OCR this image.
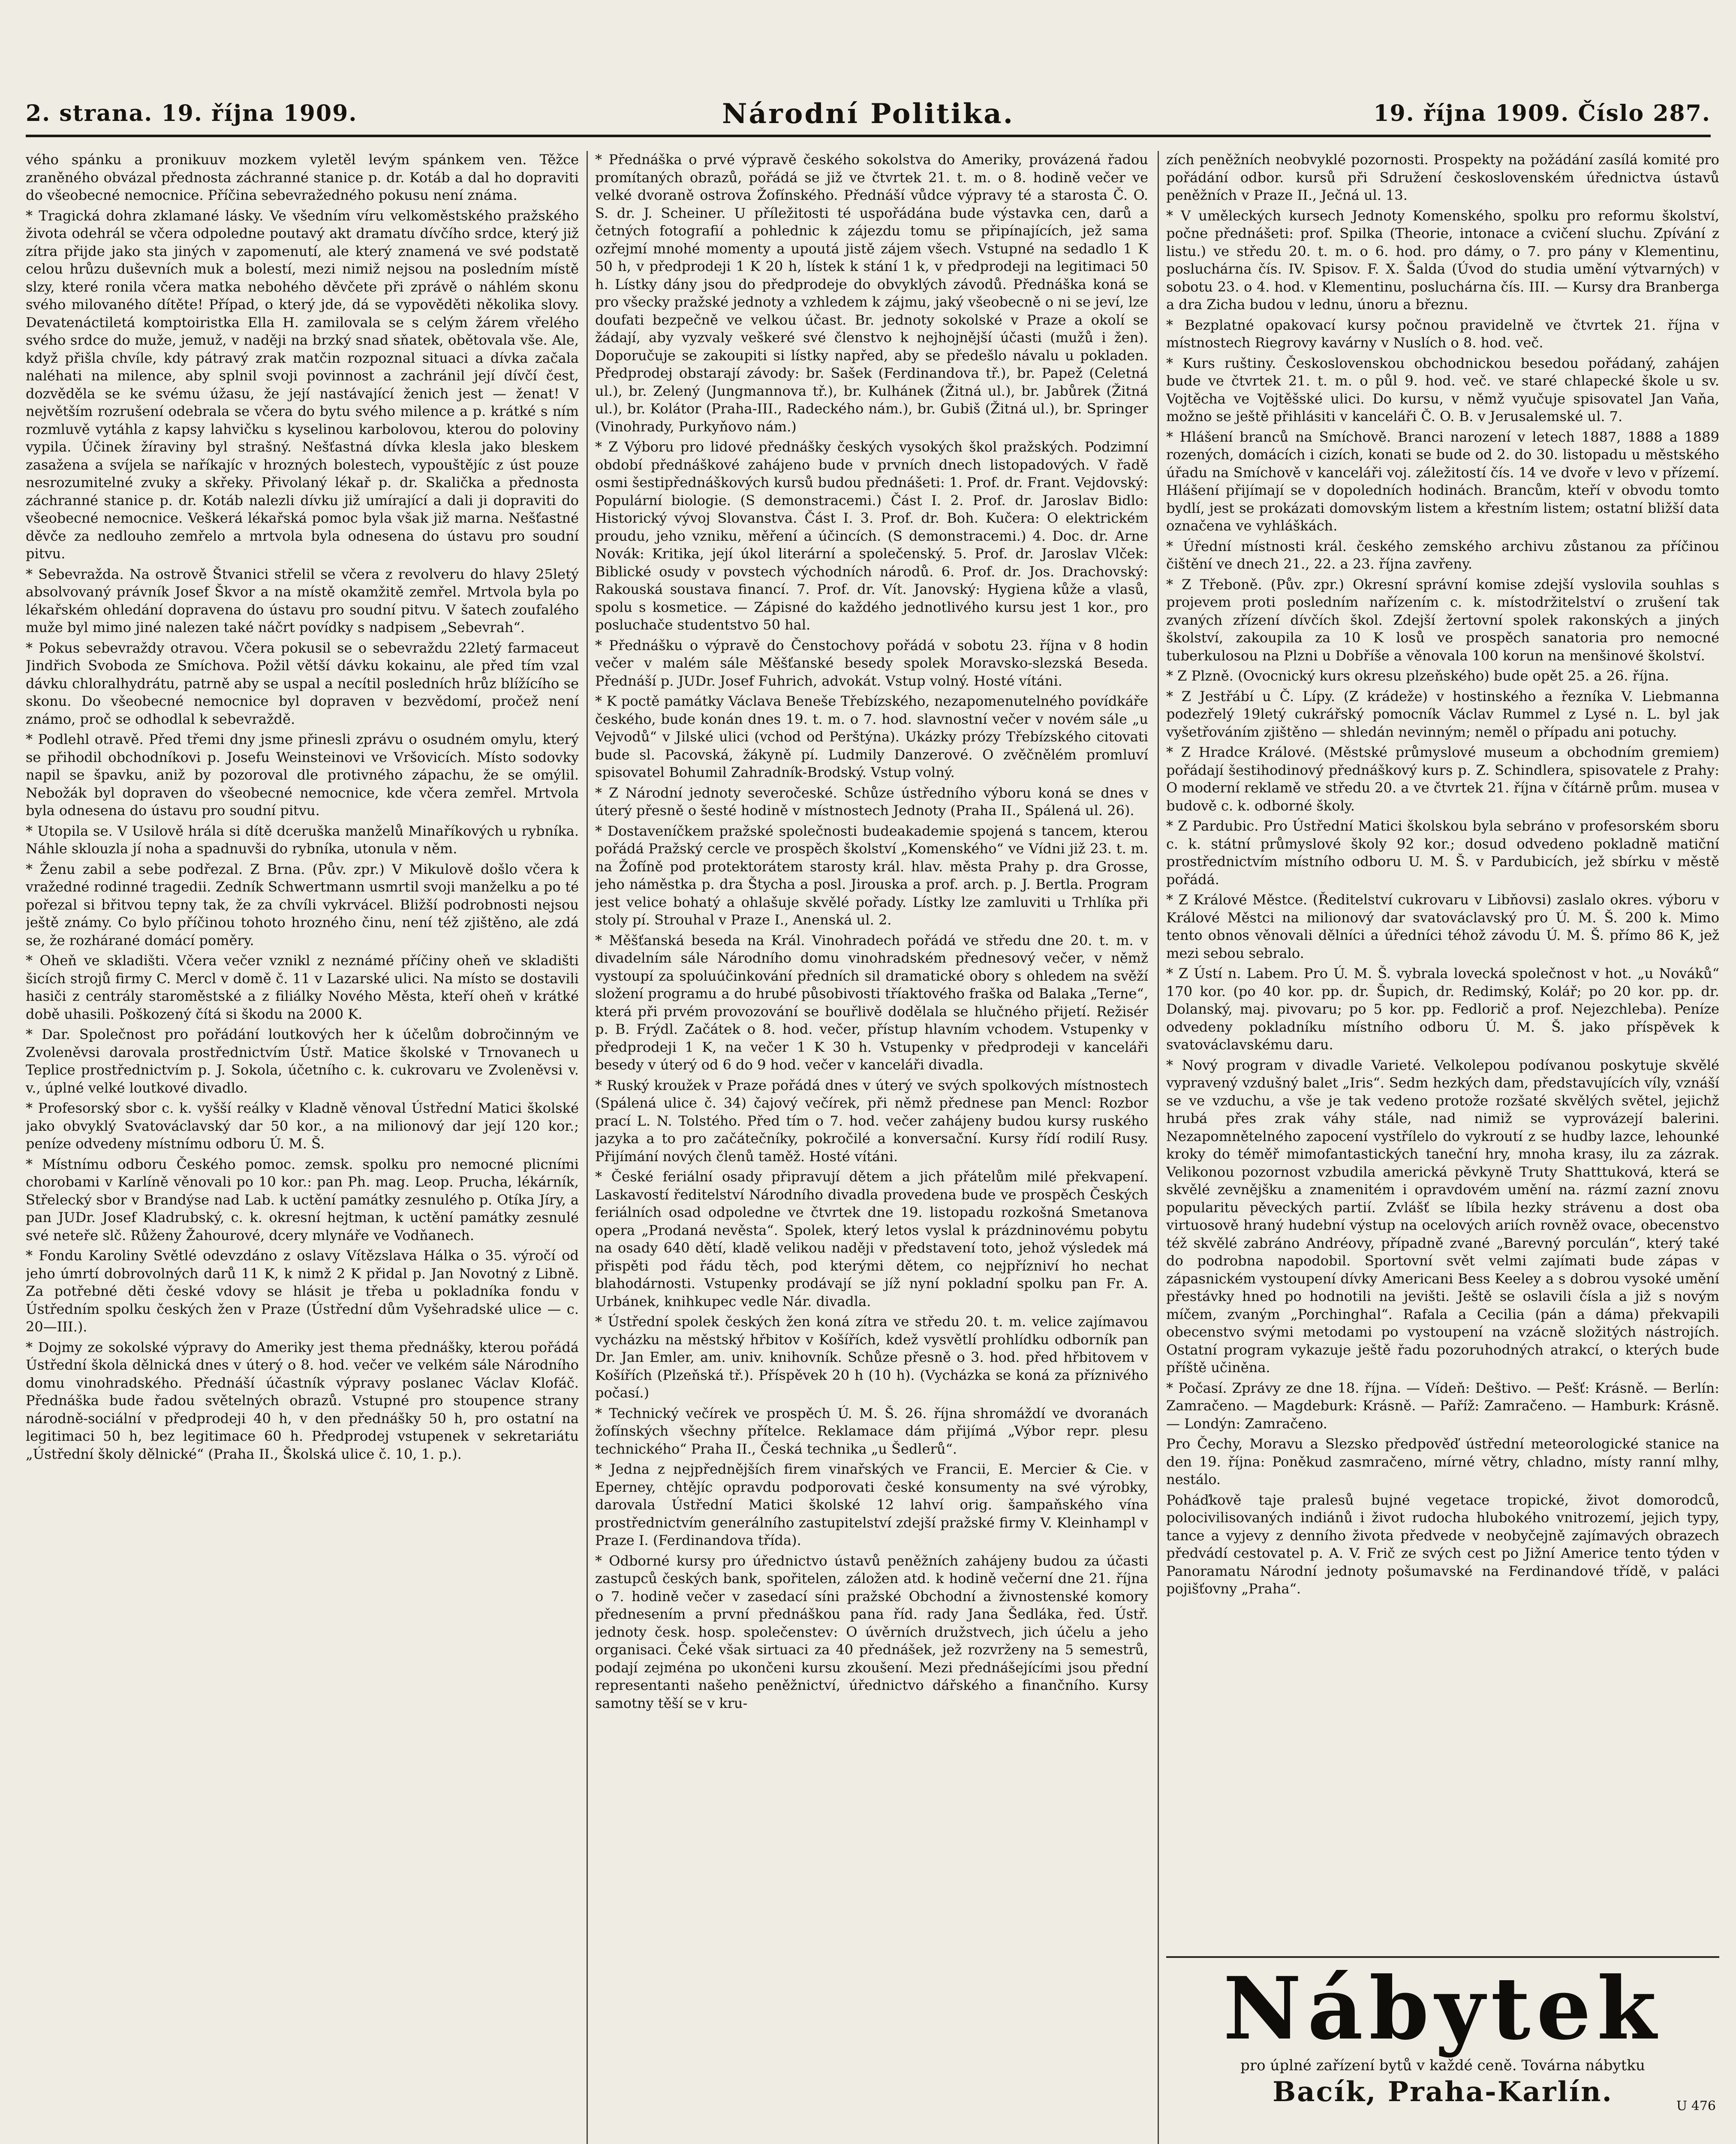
2. strana. 19. října 1909.	Národní Politika.	19. října 1909. Číslo 287.

vého spánku a pronikuuv mozkem vyletěl levým spánkem ven. Těžce zraněného obvázal přednosta záchranné stanice p. dr. Kotáb a dal ho dopraviti do všeobecné nemocnice. Příčina sebevražedného pokusu není známa.

* Tragická dohra zklamané lásky. Ve všedním víru velkoměstského pražského života odehrál se včera odpoledne poutavý akt dramatu dívčího srdce, který již zítra přijde jako sta jiných v zapomenutí, ale který znamená ve své podstatě celou hrůzu duševních muk a bolestí, mezi nimiž nejsou na posledním místě slzy, které ronila včera matka nebohého děvčete při zprávě o náhlém skonu svého milovaného dítěte! Případ, o který jde, dá se vypověděti několika slovy. Devatenáctiletá komptoiristka Ella H. zamilovala se s celým žárem vřelého svého srdce do muže, jemuž, v naději na brzký snad sňatek, obětovala vše. Ale, když přišla chvíle, kdy pátravý zrak matčin rozpoznal situaci a dívka začala naléhati na milence, aby splnil svoji povinnost a zachránil její dívčí čest, dozvěděla se ke svému úžasu, že její nastávající ženich jest — ženat! V největším rozrušení odebrala se včera do bytu svého milence a p. krátké s ním rozmluvě vytáhla z kapsy lahvičku s kyselinou karbolovou, kterou do poloviny vypila. Účinek žíraviny byl strašný. Nešťastná dívka klesla jako bleskem zasažena a svíjela se naříkajíc v hrozných bolestech, vypouštějíc z úst pouze nesrozumitelné zvuky a skřeky. Přivolaný lékař p. dr. Skalička a přednosta záchranné stanice p. dr. Kotáb nalezli dívku již umírající a dali ji dopraviti do všeobecné nemocnice. Veškerá lékařská pomoc byla však již marna. Nešťastné děvče za nedlouho zemřelo a mrtvola byla odnesena do ústavu pro soudní pitvu.

* Sebevražda. Na ostrově Štvanici střelil se včera z revolveru do hlavy 25letý absolvovaný právník Josef Škvor a na místě okamžitě zemřel. Mrtvola byla po lékařském ohledání dopravena do ústavu pro soudní pitvu. V šatech zoufalého muže byl mimo jiné nalezen také náčrt povídky s nadpisem „Sebevrah“.

* Pokus sebevraždy otravou. Včera pokusil se o sebevraždu 22letý farmaceut Jindřich Svoboda ze Smíchova. Požil větší dávku kokainu, ale před tím vzal dávku chloralhydrátu, patrně aby se uspal a necítil posledních hrůz blížícího se skonu. Do všeobecné nemocnice byl dopraven v bezvědomí, pročež není známo, proč se odhodlal k sebevraždě.

* Podlehl otravě. Před třemi dny jsme přinesli zprávu o osudném omylu, který se přihodil obchodníkovi p. Josefu Weinsteinovi ve Vršovicích. Místo sodovky napil se špavku, aniž by pozoroval dle protivného zápachu, že se omýlil. Nebožák byl dopraven do všeobecné nemocnice, kde včera zemřel. Mrtvola byla odnesena do ústavu pro soudní pitvu.

* Utopila se. V Usilově hrála si dítě dceruška manželů Minaříkových u rybníka. Náhle sklouzla jí noha a spadnuvši do rybníka, utonula v něm.

* Ženu zabil a sebe podřezal. Z Brna. (Pův. zpr.) V Mikulově došlo včera k vražedné rodinné tragedii. Zedník Schwertmann usmrtil svoji manželku a po té pořezal si břitvou tepny tak, že za chvíli vykrvácel. Bližší podrobnosti nejsou ještě známy. Co bylo příčinou tohoto hrozného činu, není též zjištěno, ale zdá se, že rozhárané domácí poměry.

* Oheň ve skladišti. Včera večer vznikl z neznámé příčiny oheň ve skladišti šicích strojů firmy C. Mercl v domě č. 11 v Lazarské ulici. Na místo se dostavili hasiči z centrály staroměstské a z filiálky Nového Města, kteří oheň v krátké době uhasili. Poškozený čítá si škodu na 2000 K.

* Dar. Společnost pro pořádání loutkových her k účelům dobročinným ve Zvoleněvsi darovala prostřednictvím Ústř. Matice školské v Trnovanech u Teplice prostřednictvím p. J. Sokola, účetního c. k. cukrovaru ve Zvoleněvsi v. v., úplné velké loutkové divadlo.

* Profesorský sbor c. k. vyšší reálky v Kladně věnoval Ústřední Matici školské jako obvyklý Svatováclavský dar 50 kor., a na milionový dar její 120 kor.; peníze odvedeny místnímu odboru Ú. M. Š.

* Místnímu odboru Českého pomoc. zemsk. spolku pro nemocné plicními chorobami v Karlíně věnovali po 10 kor.: pan Ph. mag. Leop. Prucha, lékárník, Střelecký sbor v Brandýse nad Lab. k uctění památky zesnulého p. Otíka Jíry, a pan JUDr. Josef Kladrubský, c. k. okresní hejtman, k uctění památky zesnulé své neteře slč. Růženy Žahourové, dcery mlynáře ve Vodňanech.

* Fondu Karoliny Světlé odevzdáno z oslavy Vítězslava Hálka o 35. výročí od jeho úmrtí dobrovolných darů 11 K, k nimž 2 K přidal p. Jan Novotný z Libně. Za potřebné děti české vdovy se hlásit je třeba u pokladníka fondu v Ústředním spolku českých žen v Praze (Ústřední dům Vyšehradské ulice — c. 20—III.).

* Dojmy ze sokolské výpravy do Ameriky jest thema přednášky, kterou pořádá Ústřední škola dělnická dnes v úterý o 8. hod. večer ve velkém sále Národního domu vinohradského. Přednáší účastník výpravy poslanec Václav Klofáč. Přednáška bude řadou světelných obrazů. Vstupné pro stoupence strany národně-sociální v předprodeji 40 h, v den přednášky 50 h, pro ostatní na legitimaci 50 h, bez legitimace 60 h. Předprodej vstupenek v sekretariátu „Ústřední školy dělnické“ (Praha II., Školská ulice č. 10, 1. p.).

* Přednáška o prvé výpravě českého sokolstva do Ameriky, provázená řadou promítaných obrazů, pořádá se již ve čtvrtek 21. t. m. o 8. hodině večer ve velké dvoraně ostrova Žofínského. Přednáší vůdce výpravy té a starosta Č. O. S. dr. J. Scheiner. U příležitosti té uspořádána bude výstavka cen, darů a četných fotografií a pohlednic k zájezdu tomu se připínajících, jež sama ozřejmí mnohé momenty a upoutá jistě zájem všech. Vstupné na sedadlo 1 K 50 h, v předprodeji 1 K 20 h, lístek k stání 1 k, v předprodeji na legitimaci 50 h. Lístky dány jsou do předprodeje do obvyklých závodů. Přednáška koná se pro všecky pražské jednoty a vzhledem k zájmu, jaký všeobecně o ni se jeví, lze doufati bezpečně ve velkou účast. Br. jednoty sokolské v Praze a okolí se žádají, aby vyzvaly veškeré své členstvo k nejhojnější účasti (mužů i žen). Doporučuje se zakoupiti si lístky napřed, aby se předešlo návalu u pokladen. Předprodej obstarají závody: br. Sašek (Ferdinandova tř.), br. Papež (Celetná ul.), br. Zelený (Jungmannova tř.), br. Kulhánek (Žitná ul.), br. Jabůrek (Žitná ul.), br. Kolátor (Praha-III., Radeckého nám.), br. Gubiš (Žitná ul.), br. Springer (Vinohrady, Purkyňovo nám.)

* Z Výboru pro lidové přednášky českých vysokých škol pražských. Podzimní období přednáškové zahájeno bude v prvních dnech listopadových. V řadě osmi šestipřednáškových kursů budou přednášeti: 1. Prof. dr. Frant. Vejdovský: Populární biologie. (S demonstracemi.) Část I. 2. Prof. dr. Jaroslav Bidlo: Historický vývoj Slovanstva. Část I. 3. Prof. dr. Boh. Kučera: O elektrickém proudu, jeho vzniku, měření a účincích. (S demonstracemi.) 4. Doc. dr. Arne Novák: Kritika, její úkol literární a společenský. 5. Prof. dr. Jaroslav Vlček: Biblické osudy v povstech východních národů. 6. Prof. dr. Jos. Drachovský: Rakouská soustava financí. 7. Prof. dr. Vít. Janovský: Hygiena kůže a vlasů, spolu s kosmetice. — Zápisné do každého jednotlivého kursu jest 1 kor., pro posluchače studentstvo 50 hal.

* Přednášku o výpravě do Čenstochovy pořádá v sobotu 23. října v 8 hodin večer v malém sále Měšťanské besedy spolek Moravsko-slezská Beseda. Přednáší p. JUDr. Josef Fuhrich, advokát. Vstup volný. Hosté vítáni.

* K poctě památky Václava Beneše Třebízského, nezapomenutelného povídkáře českého, bude konán dnes 19. t. m. o 7. hod. slavnostní večer v novém sále „u Vejvodů“ v Jilské ulici (vchod od Perštýna). Ukázky prózy Třebízského citovati bude sl. Pacovská, žákyně pí. Ludmily Danzerové. O zvěčnělém promluví spisovatel Bohumil Zahradník-Brodský. Vstup volný.

* Z Národní jednoty severočeské. Schůze ústředního výboru koná se dnes v úterý přesně o šesté hodině v místnostech Jednoty (Praha II., Spálená ul. 26).

* Dostaveníčkem pražské společnosti budeakademie spojená s tancem, kterou pořádá Pražský cercle ve prospěch školství „Komenského“ ve Vídni již 23. t. m. na Žofíně pod protektorátem starosty král. hlav. města Prahy p. dra Grosse, jeho náměstka p. dra Štycha a posl. Jirouska a prof. arch. p. J. Bertla. Program jest velice bohatý a ohlašuje skvělé pořady. Lístky lze zamluviti u Trhlíka při stoly pí. Strouhal v Praze I., Anenská ul. 2.

* Měšťanská beseda na Král. Vinohradech pořádá ve středu dne 20. t. m. v divadelním sále Národního domu vinohradském přednesový večer, v němž vystoupí za spoluúčinkování předních sil dramatické obory s ohledem na svěží složení programu a do hrubé působivosti tříaktového fraška od Balaka „Terne“, která při prvém provozování se bouřlivě dodělala se hlučného přijetí. Režisér p. B. Frýdl. Začátek o 8. hod. večer, přístup hlavním vchodem. Vstupenky v předprodeji 1 K, na večer 1 K 30 h. Vstupenky v předprodeji v kanceláři besedy v úterý od 6 do 9 hod. večer v kanceláři divadla.

* Ruský kroužek v Praze pořádá dnes v úterý ve svých spolkových místnostech (Spálená ulice č. 34) čajový večírek, při němž přednese pan Mencl: Rozbor prací L. N. Tolstého. Před tím o 7. hod. večer zahájeny budou kursy ruského jazyka a to pro začátečníky, pokročilé a konversační. Kursy řídí rodilí Rusy. Přijímání nových členů taměž. Hosté vítáni.

* České feriální osady připravují dětem a jich přátelům milé překvapení. Laskavostí ředitelství Národního divadla provedena bude ve prospěch Českých feriálních osad odpoledne ve čtvrtek dne 19. listopadu rozkošná Smetanova opera „Prodaná nevěsta“. Spolek, který letos vyslal k prázdninovému pobytu na osady 640 dětí, kladě velikou naději v představení toto, jehož výsledek má přispěti pod řádu těch, pod kterými dětem, co nejpřízniví ho nechat blahodárnosti. Vstupenky prodávají se jíž nyní pokladní spolku pan Fr. A. Urbánek, knihkupec vedle Nár. divadla.

* Ústřední spolek českých žen koná zítra ve středu 20. t. m. velice zajímavou vycházku na městský hřbitov v Košířích, kdež vysvětlí prohlídku odborník pan Dr. Jan Emler, am. univ. knihovník. Schůze přesně o 3. hod. před hřbitovem v Košířích (Plzeňská tř.). Příspěvek 20 h (10 h). (Vycházka se koná za příznivého počasí.)

* Technický večírek ve prospěch Ú. M. Š. 26. října shromáždí ve dvoranách žofínských všechny přítelce. Reklamace dám přijímá „Výbor repr. plesu technického“ Praha II., Česká technika „u Šedlerů“.

* Jedna z nejpřednějších firem vinařských ve Francii, E. Mercier & Cie. v Eperney, chtějíc opravdu podporovati české konsumenty na své výrobky, darovala Ústřední Matici školské 12 lahví orig. šampaňského vína prostřednictvím generálního zastupitelství zdejší pražské firmy V. Kleinhampl v Praze I. (Ferdinandova třída).

* Odborné kursy pro úřednictvo ústavů peněžních zahájeny budou za účasti zastupců českých bank, spořitelen, záložen atd. k hodině večerní dne 21. října o 7. hodině večer v zasedací síni pražské Obchodní a živnostenské komory přednesením a první přednáškou pana říd. rady Jana Šedláka, řed. Ústř. jednoty česk. hosp. společenstev: O úvěrních družstvech, jich účelu a jeho organisaci. Čeké však sirtuaci za 40 přednášek, jež rozvrženy na 5 semestrů, podají zejména po ukončeni kursu zkoušení. Mezi přednášejícími jsou přední representanti našeho peněžnictví, úřednictvo dářského a finančního. Kursy samotny těší se v kru-

zích peněžních neobvyklé pozornosti. Prospekty na požádání zasílá komité pro pořádání odbor. kursů při Sdružení československém úřednictva ústavů peněžních v Praze II., Ječná ul. 13.

* V uměleckých kursech Jednoty Komenského, spolku pro reformu školství, počne přednášeti: prof. Spilka (Theorie, intonace a cvičení sluchu. Zpívání z listu.) ve středu 20. t. m. o 6. hod. pro dámy, o 7. pro pány v Klementinu, posluchárna čís. IV. Spisov. F. X. Šalda (Úvod do studia umění výtvarných) v sobotu 23. o 4. hod. v Klementinu, posluchárna čís. III. — Kursy dra Branberga a dra Zicha budou v lednu, únoru a březnu.

* Bezplatné opakovací kursy počnou pravidelně ve čtvrtek 21. října v místnostech Riegrovy kavárny v Nuslích o 8. hod. več.

* Kurs ruštiny. Československou obchodnickou besedou pořádaný, zahájen bude ve čtvrtek 21. t. m. o půl 9. hod. več. ve staré chlapecké škole u sv. Vojtěcha ve Vojtěšské ulici. Do kursu, v němž vyučuje spisovatel Jan Vaňa, možno se ještě přihlásiti v kanceláři Č. O. B. v Jerusalemské ul. 7.

* Hlášení branců na Smíchově. Branci narození v letech 1887, 1888 a 1889 rozených, domácích i cizích, konati se bude od 2. do 30. listopadu u městského úřadu na Smíchově v kanceláři voj. záležitostí čís. 14 ve dvoře v levo v přízemí. Hlášení přijímají se v dopoledních hodinách. Brancům, kteří v obvodu tomto bydlí, jest se prokázati domovským listem a křestním listem; ostatní bližší data označena ve vyhláškách.

* Úřední místnosti král. českého zemského archivu zůstanou za příčinou čištění ve dnech 21., 22. a 23. října zavřeny.

* Z Třeboně. (Pův. zpr.) Okresní správní komise zdejší vyslovila souhlas s projevem proti posledním nařízením c. k. místodržitelství o zrušení tak zvaných zřízení dívčích škol. Zdejší žertovní spolek rakonských a jiných školství, zakoupila za 10 K losů ve prospěch sanatoria pro nemocné tuberkulosou na Plzni u Dobříše a věnovala 100 korun na menšinové školství.

* Z Plzně. (Ovocnický kurs okresu plzeňského) bude opět 25. a 26. října.

* Z Jestřábí u Č. Lípy. (Z krádeže) v hostinského a řezníka V. Liebmanna podezřelý 19letý cukrářský pomocník Václav Rummel z Lysé n. L. byl jak vyšetřováním zjištěno — shledán nevinným; neměl o případu ani potuchy.

* Z Hradce Králové. (Městské průmyslové museum a obchodním gremiem) pořádají šestihodinový přednáškový kurs p. Z. Schindlera, spisovatele z Prahy: O moderní reklamě ve středu 20. a ve čtvrtek 21. října v čítárně prům. musea v budově c. k. odborné školy.

* Z Pardubic. Pro Ústřední Matici školskou byla sebráno v profesorském sboru c. k. státní průmyslové školy 92 kor.; dosud odvedeno pokladně matiční prostřednictvím místního odboru U. M. Š. v Pardubicích, jež sbírku v městě pořádá.

* Z Králové Městce. (Ředitelství cukrovaru v Libňovsi) zaslalo okres. výboru v Králové Městci na milionový dar svatováclavský pro Ú. M. Š. 200 k. Mimo tento obnos věnovali dělníci a úředníci téhož závodu Ú. M. Š. přímo 86 K, jež mezi sebou sebralo.

* Z Ústí n. Labem. Pro Ú. M. Š. vybrala lovecká společnost v hot. „u Nováků“ 170 kor. (po 40 kor. pp. dr. Šupich, dr. Redimský, Kolář; po 20 kor. pp. dr. Dolanský, maj. pivovaru; po 5 kor. pp. Fedlorič a prof. Nejezchleba). Peníze odvedeny pokladníku místního odboru Ú. M. Š. jako příspěvek k svatováclavskému daru.

* Nový program v divadle Varieté. Velkolepou podívanou poskytuje skvělé vypravený vzdušný balet „Iris“. Sedm hezkých dam, představujících víly, vznáší se ve vzduchu, a vše je tak vedeno protože rozšaté skvělých světel, jejichž hrubá přes zrak váhy stále, nad nimiž se vyprovázejí balerini. Nezapomnětelného zapocení vystřílelo do vykroutí z se hudby lazce, lehounké kroky do téměř mimofantastických taneční hry, mnoha krasy, ilu za zázrak. Velikonou pozornost vzbudila americká pěvkyně Truty Shatttuková, která se skvělé zevnějšku a znamenitém i opravdovém umění na. rázmí zazní znovu popularitu pěveckých partií. Zvlášť se líbila hezky strávenu a dost oba virtuosově hraný hudební výstup na ocelových ariích rovněž ovace, obecenstvo též skvělé zabráno Andréovy, případně zvané „Barevný porculán“, který také do podrobna napodobil. Sportovní svět velmi zajímati bude zápas v zápasnickém vystoupení dívky Americani Bess Keeley a s dobrou vysoké umění přestávky hned po hodnotili na jevišti. Ještě se oslavili čísla a již s novým míčem, zvaným „Porchinghal“. Rafala a Cecilia (pán a dáma) překvapili obecenstvo svými metodami po vystoupení na vzácně složitých nástrojích. Ostatní program vykazuje ještě řadu pozoruhodných atrakcí, o kterých bude příště učiněna.

* Počasí. Zprávy ze dne 18. října. — Vídeň: Deštivo. — Pešť: Krásně. — Berlín: Zamračeno. — Magdeburk: Krásně. — Paříž: Zamračeno. — Hamburk: Krásně. — Londýn: Zamračeno.

Pro Čechy, Moravu a Slezsko předpověď ústřední meteorologické stanice na den 19. října: Poněkud zasmračeno, mírné větry, chladno, místy ranní mlhy, nestálo.

Poháďkově taje pralesů bujné vegetace tropické, život domorodců, polocivilisovaných indiánů i život rudocha hlubokého vnitrozemí, jejich typy, tance a vyjevy z denního života předvede v neobyčejně zajímavých obrazech předvádí cestovatel p. A. V. Frič ze svých cest po Jižní Americe tento týden v Panoramatu Národní jednoty pošumavské na Ferdinandové třídě, v paláci pojišťovny „Praha“.

Nábytek
pro úplné zařízení bytů v každé ceně. Továrna nábytku
Bacík, Praha-Karlín.	U 476
